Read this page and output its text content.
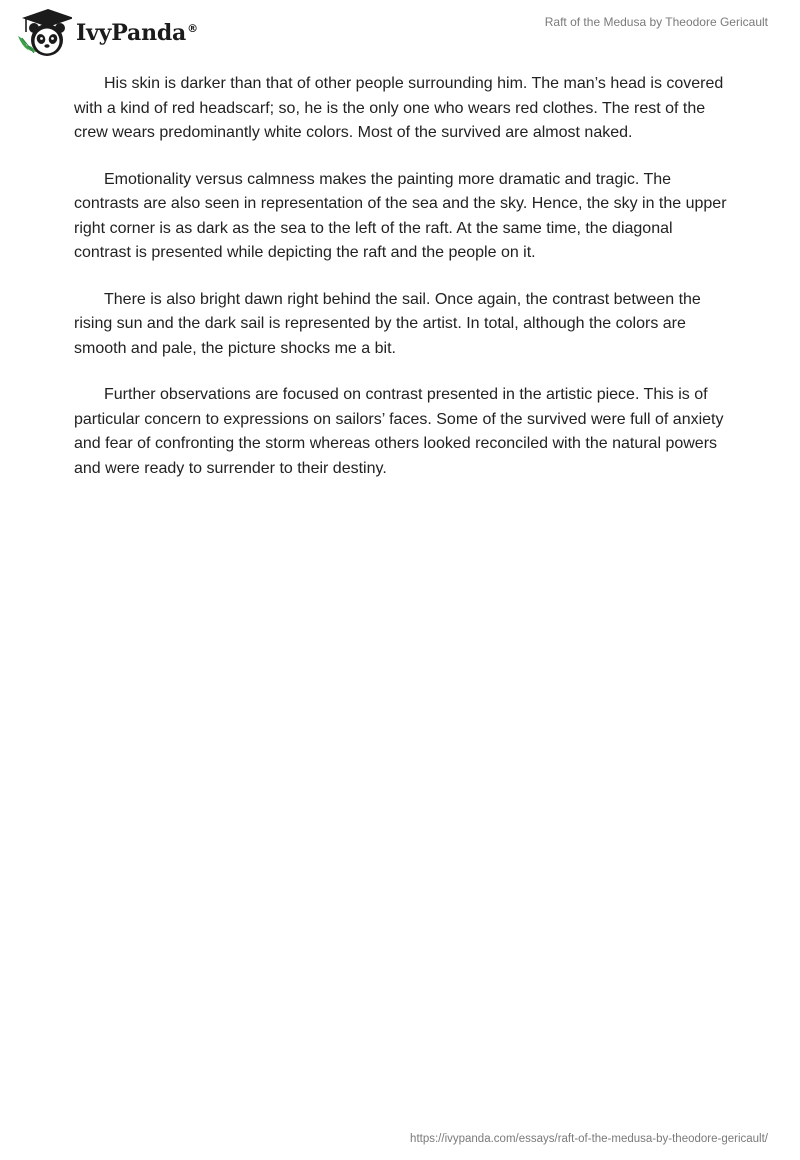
IvyPanda®	Raft of the Medusa by Theodore Gericault

His skin is darker than that of other people surrounding him. The man’s head is covered with a kind of red headscarf; so, he is the only one who wears red clothes. The rest of the crew wears predominantly white colors. Most of the survived are almost naked.

Emotionality versus calmness makes the painting more dramatic and tragic. The contrasts are also seen in representation of the sea and the sky. Hence, the sky in the upper right corner is as dark as the sea to the left of the raft. At the same time, the diagonal contrast is presented while depicting the raft and the people on it.

There is also bright dawn right behind the sail. Once again, the contrast between the rising sun and the dark sail is represented by the artist. In total, although the colors are smooth and pale, the picture shocks me a bit.

Further observations are focused on contrast presented in the artistic piece. This is of particular concern to expressions on sailors’ faces. Some of the survived were full of anxiety and fear of confronting the storm whereas others looked reconciled with the natural powers and were ready to surrender to their destiny.

https://ivypanda.com/essays/raft-of-the-medusa-by-theodore-gericault/
